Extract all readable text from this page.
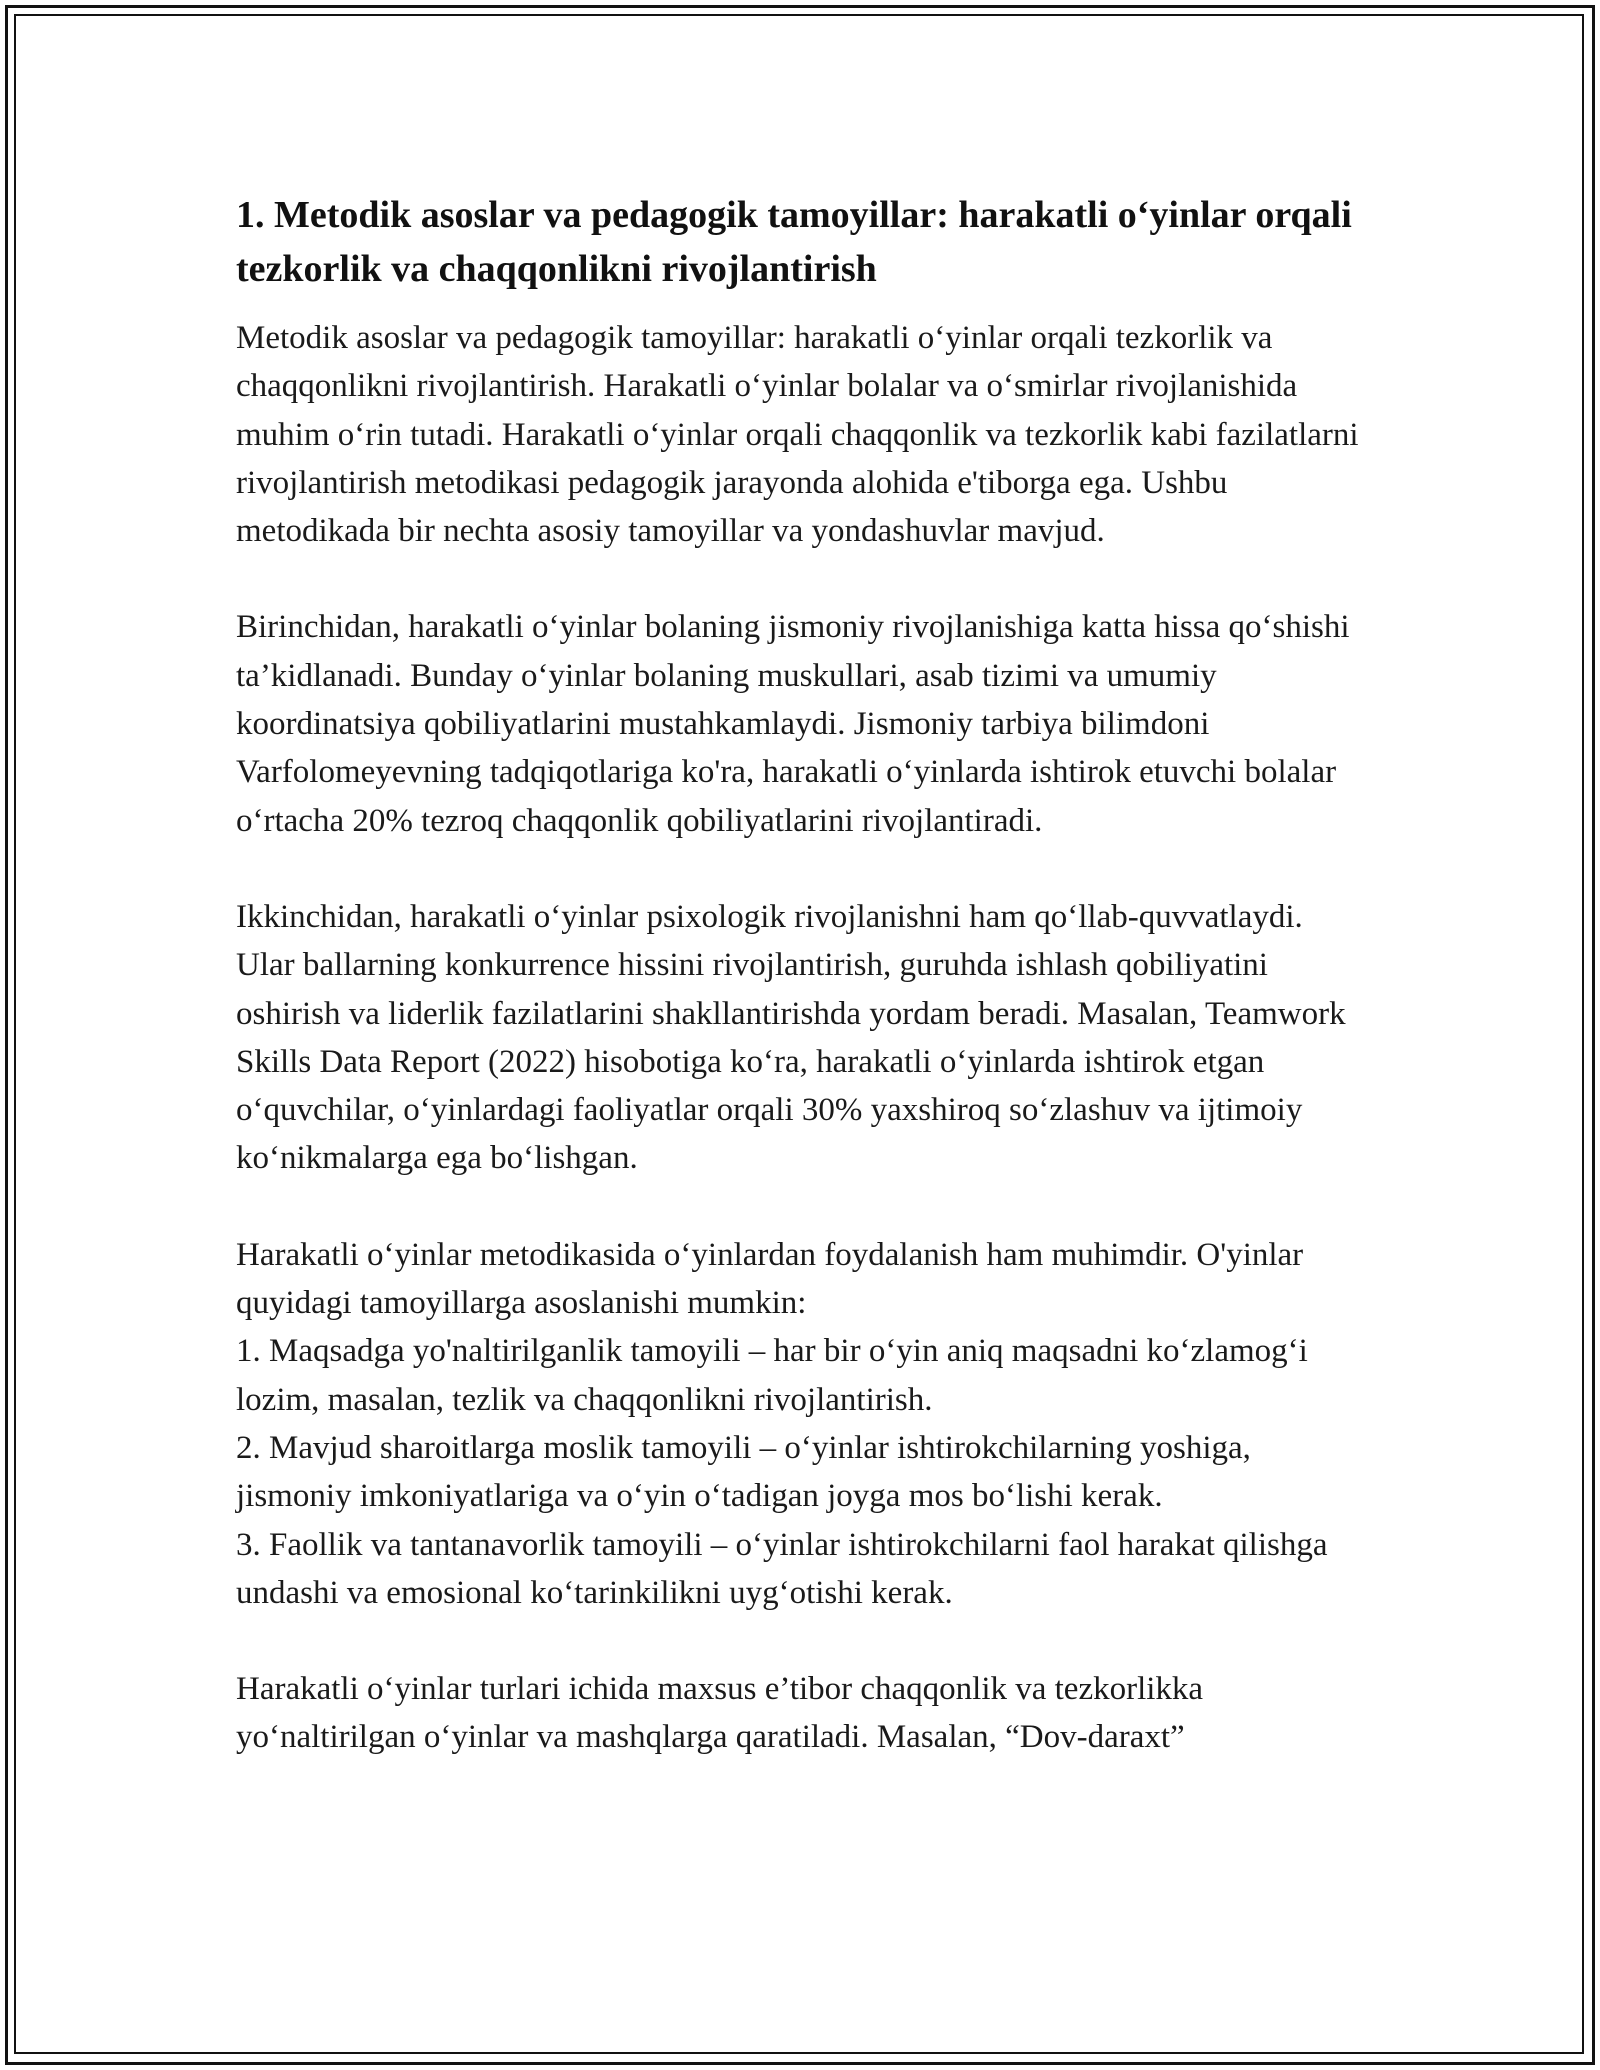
1. Metodik asoslar va pedagogik tamoyillar: harakatli oʻyinlar orqali tezkorlik va chaqqonlikni rivojlantirish

Metodik asoslar va pedagogik tamoyillar: harakatli oʻyinlar orqali tezkorlik va chaqqonlikni rivojlantirish. Harakatli oʻyinlar bolalar va oʻsmirlar rivojlanishida muhim oʻrin tutadi. Harakatli oʻyinlar orqali chaqqonlik va tezkorlik kabi fazilatlarni rivojlantirish metodikasi pedagogik jarayonda alohida e'tiborga ega. Ushbu metodikada bir nechta asosiy tamoyillar va yondashuvlar mavjud.

Birinchidan, harakatli oʻyinlar bolaning jismoniy rivojlanishiga katta hissa qoʻshishi ta’kidlanadi. Bunday oʻyinlar bolaning muskullari, asab tizimi va umumiy koordinatsiya qobiliyatlarini mustahkamlaydi. Jismoniy tarbiya bilimdoni Varfolomeyevning tadqiqotlariga ko'ra, harakatli oʻyinlarda ishtirok etuvchi bolalar oʻrtacha 20% tezroq chaqqonlik qobiliyatlarini rivojlantiradi.

Ikkinchidan, harakatli oʻyinlar psixologik rivojlanishni ham qoʻllab-quvvatlaydi. Ular ballarning konkurrence hissini rivojlantirish, guruhda ishlash qobiliyatini oshirish va liderlik fazilatlarini shakllantirishda yordam beradi. Masalan, Teamwork Skills Data Report (2022) hisobotiga koʻra, harakatli oʻyinlarda ishtirok etgan oʻquvchilar, oʻyinlardagi faoliyatlar orqali 30% yaxshiroq soʻzlashuv va ijtimoiy koʻnikmalarga ega boʻlishgan.

Harakatli oʻyinlar metodikasida oʻyinlardan foydalanish ham muhimdir. O'yinlar quyidagi tamoyillarga asoslanishi mumkin:
1. Maqsadga yo'naltirilganlik tamoyili – har bir oʻyin aniq maqsadni koʻzlamogʻi lozim, masalan, tezlik va chaqqonlikni rivojlantirish.
2. Mavjud sharoitlarga moslik tamoyili – oʻyinlar ishtirokchilarning yoshiga, jismoniy imkoniyatlariga va oʻyin oʻtadigan joyga mos boʻlishi kerak.
3. Faollik va tantanavorlik tamoyili – oʻyinlar ishtirokchilarni faol harakat qilishga undashi va emosional koʻtarinkilikni uygʻotishi kerak.

Harakatli oʻyinlar turlari ichida maxsus e’tibor chaqqonlik va tezkorlikka yoʻnaltirilgan oʻyinlar va mashqlarga qaratiladi. Masalan, “Dov-daraxt”
